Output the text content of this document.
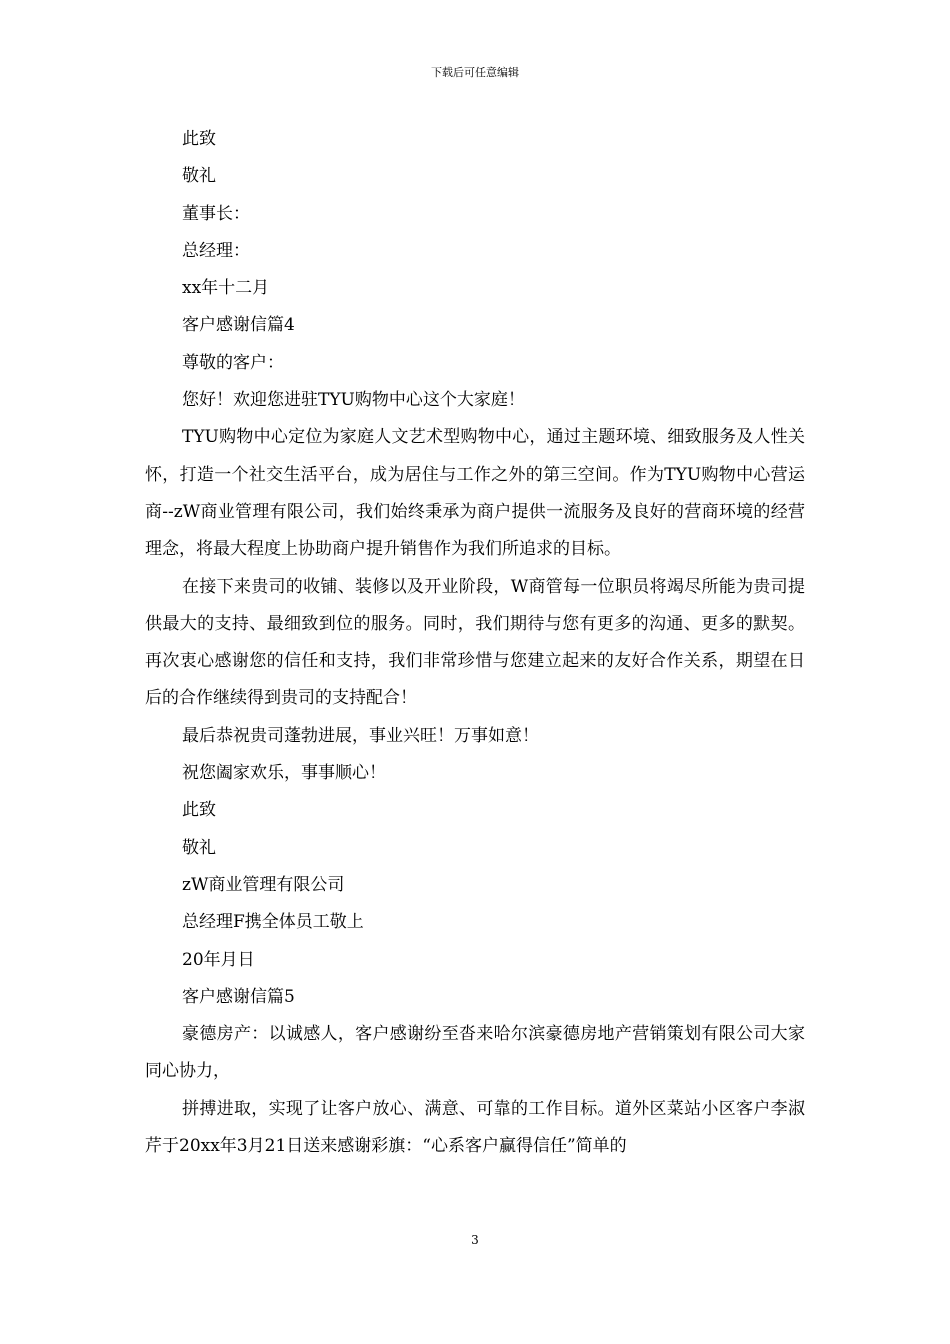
下载后可任意编辑
此致
敬礼
董事长：
总经理：
xx年十二月
客户感谢信篇4
尊敬的客户：
您好！欢迎您进驻TYU购物中心这个大家庭！

TYU购物中心定位为家庭人文艺术型购物中心，通过主题环境、细致服务及人性关怀，打造一个社交生活平台，成为居住与工作之外的第三空间。作为TYU购物中心营运商--zW商业管理有限公司，我们始终秉承为商户提供一流服务及良好的营商环境的经营理念，将最大程度上协助商户提升销售作为我们所追求的目标。

在接下来贵司的收铺、装修以及开业阶段，W商管每一位职员将竭尽所能为贵司提供最大的支持、最细致到位的服务。同时，我们期待与您有更多的沟通、更多的默契。再次衷心感谢您的信任和支持，我们非常珍惜与您建立起来的友好合作关系，期望在日后的合作继续得到贵司的支持配合！

最后恭祝贵司蓬勃进展，事业兴旺！万事如意！
祝您阖家欢乐，事事顺心！
此致
敬礼
zW商业管理有限公司
总经理F携全体员工敬上
20年月日
客户感谢信篇5

豪德房产：以诚感人，客户感谢纷至沓来哈尔滨豪德房地产营销策划有限公司大家同心协力，

拼搏进取，实现了让客户放心、满意、可靠的工作目标。道外区菜站小区客户李淑芹于20xx年3月21日送来感谢彩旗：“心系客户赢得信任”简单的

3
